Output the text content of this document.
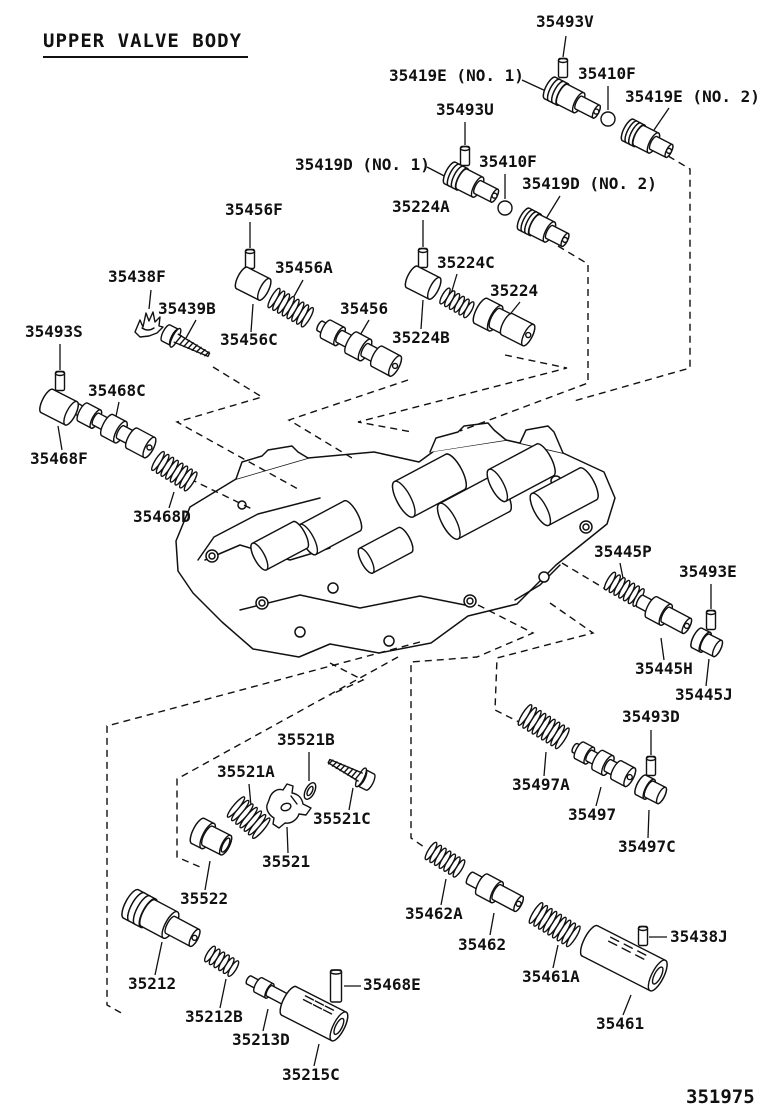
UPPER VALVE BODY
35493V
35419E (NO. 1)	35410F
35419E (NO. 2)
35493U
35419D (NO. 1)	35410F
35419D (NO. 2)
35224A
35456F
35224C
35438F	35456A
35224
35439B	35456
35456C	35224B
35493S
35468C
35468F
35468D
35445P
35493E
35445H
35445J
35493D
35497A
35497
35497C
35521B
35521A
35521C
35521
35522
35212
35212B
35213D
35215C
35468E
35462A
35462
35461A
35438J
35461
351975
